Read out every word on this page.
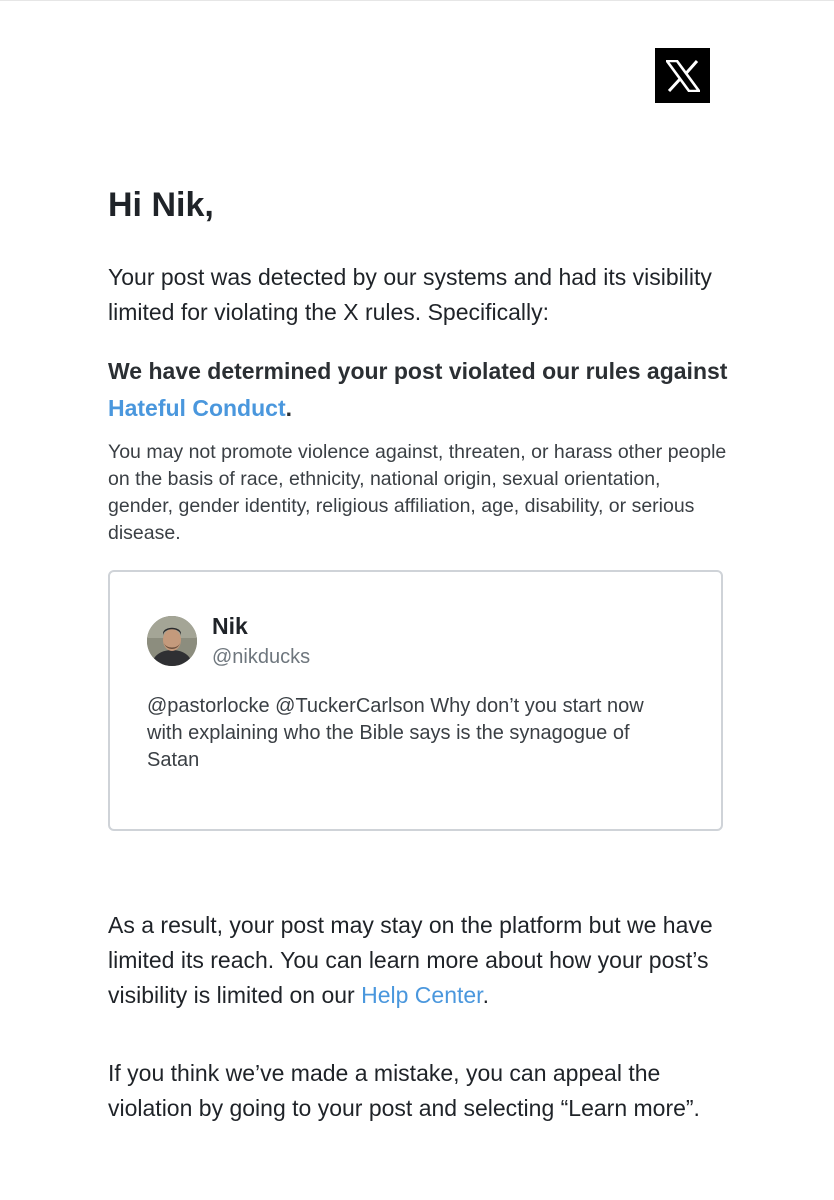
Hi Nik,
Your post was detected by our systems and had its visibility limited for violating the X rules. Specifically:
We have determined your post violated our rules against Hateful Conduct.
You may not promote violence against, threaten, or harass other people on the basis of race, ethnicity, national origin, sexual orientation, gender, gender identity, religious affiliation, age, disability, or serious disease.
As a result, your post may stay on the platform but we have limited its reach. You can learn more about how your post’s visibility is limited on our Help Center.
If you think we’ve made a mistake, you can appeal the violation by going to your post and selecting “Learn more”.
Nik
@nikducks
@pastorlocke @TuckerCarlson Why don’t you start now with explaining who the Bible says is the synagogue of Satan
